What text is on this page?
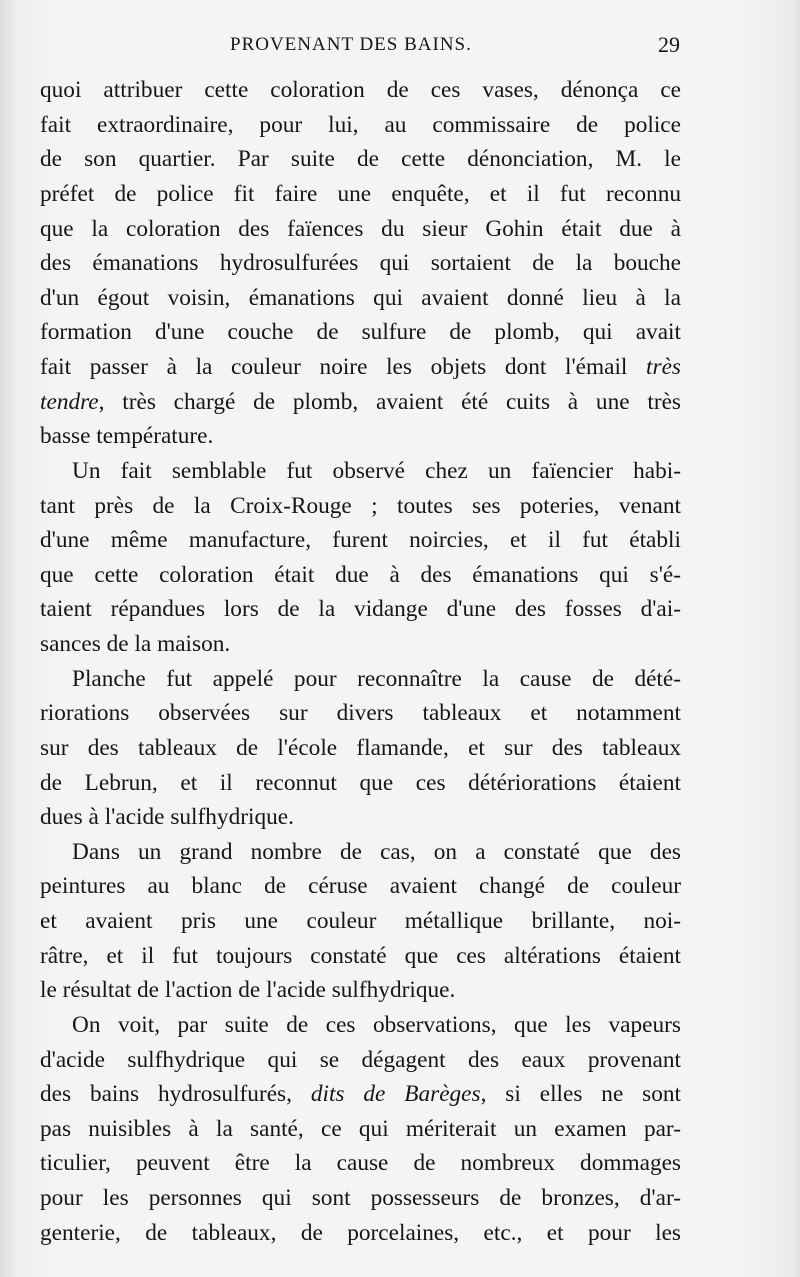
PROVENANT DES BAINS.	29
quoi attribuer cette coloration de ces vases, dénonça ce
fait extraordinaire, pour lui, au commissaire de police
de son quartier. Par suite de cette dénonciation, M. le
préfet de police fit faire une enquête, et il fut reconnu
que la coloration des faïences du sieur Gohin était due à
des émanations hydrosulfurées qui sortaient de la bouche
d'un égout voisin, émanations qui avaient donné lieu à la
formation d'une couche de sulfure de plomb, qui avait
fait passer à la couleur noire les objets dont l'émail très
tendre, très chargé de plomb, avaient été cuits à une très
basse température.
Un fait semblable fut observé chez un faïencier habi-
tant près de la Croix-Rouge ; toutes ses poteries, venant
d'une même manufacture, furent noircies, et il fut établi
que cette coloration était due à des émanations qui s'é-
taient répandues lors de la vidange d'une des fosses d'ai-
sances de la maison.
Planche fut appelé pour reconnaître la cause de dété-
riorations observées sur divers tableaux et notamment
sur des tableaux de l'école flamande, et sur des tableaux
de Lebrun, et il reconnut que ces détériorations étaient
dues à l'acide sulfhydrique.
Dans un grand nombre de cas, on a constaté que des
peintures au blanc de céruse avaient changé de couleur
et avaient pris une couleur métallique brillante, noi-
râtre, et il fut toujours constaté que ces altérations étaient
le résultat de l'action de l'acide sulfhydrique.
On voit, par suite de ces observations, que les vapeurs
d'acide sulfhydrique qui se dégagent des eaux provenant
des bains hydrosulfurés, dits de Barèges, si elles ne sont
pas nuisibles à la santé, ce qui mériterait un examen par-
ticulier, peuvent être la cause de nombreux dommages
pour les personnes qui sont possesseurs de bronzes, d'ar-
genterie, de tableaux, de porcelaines, etc., et pour les
